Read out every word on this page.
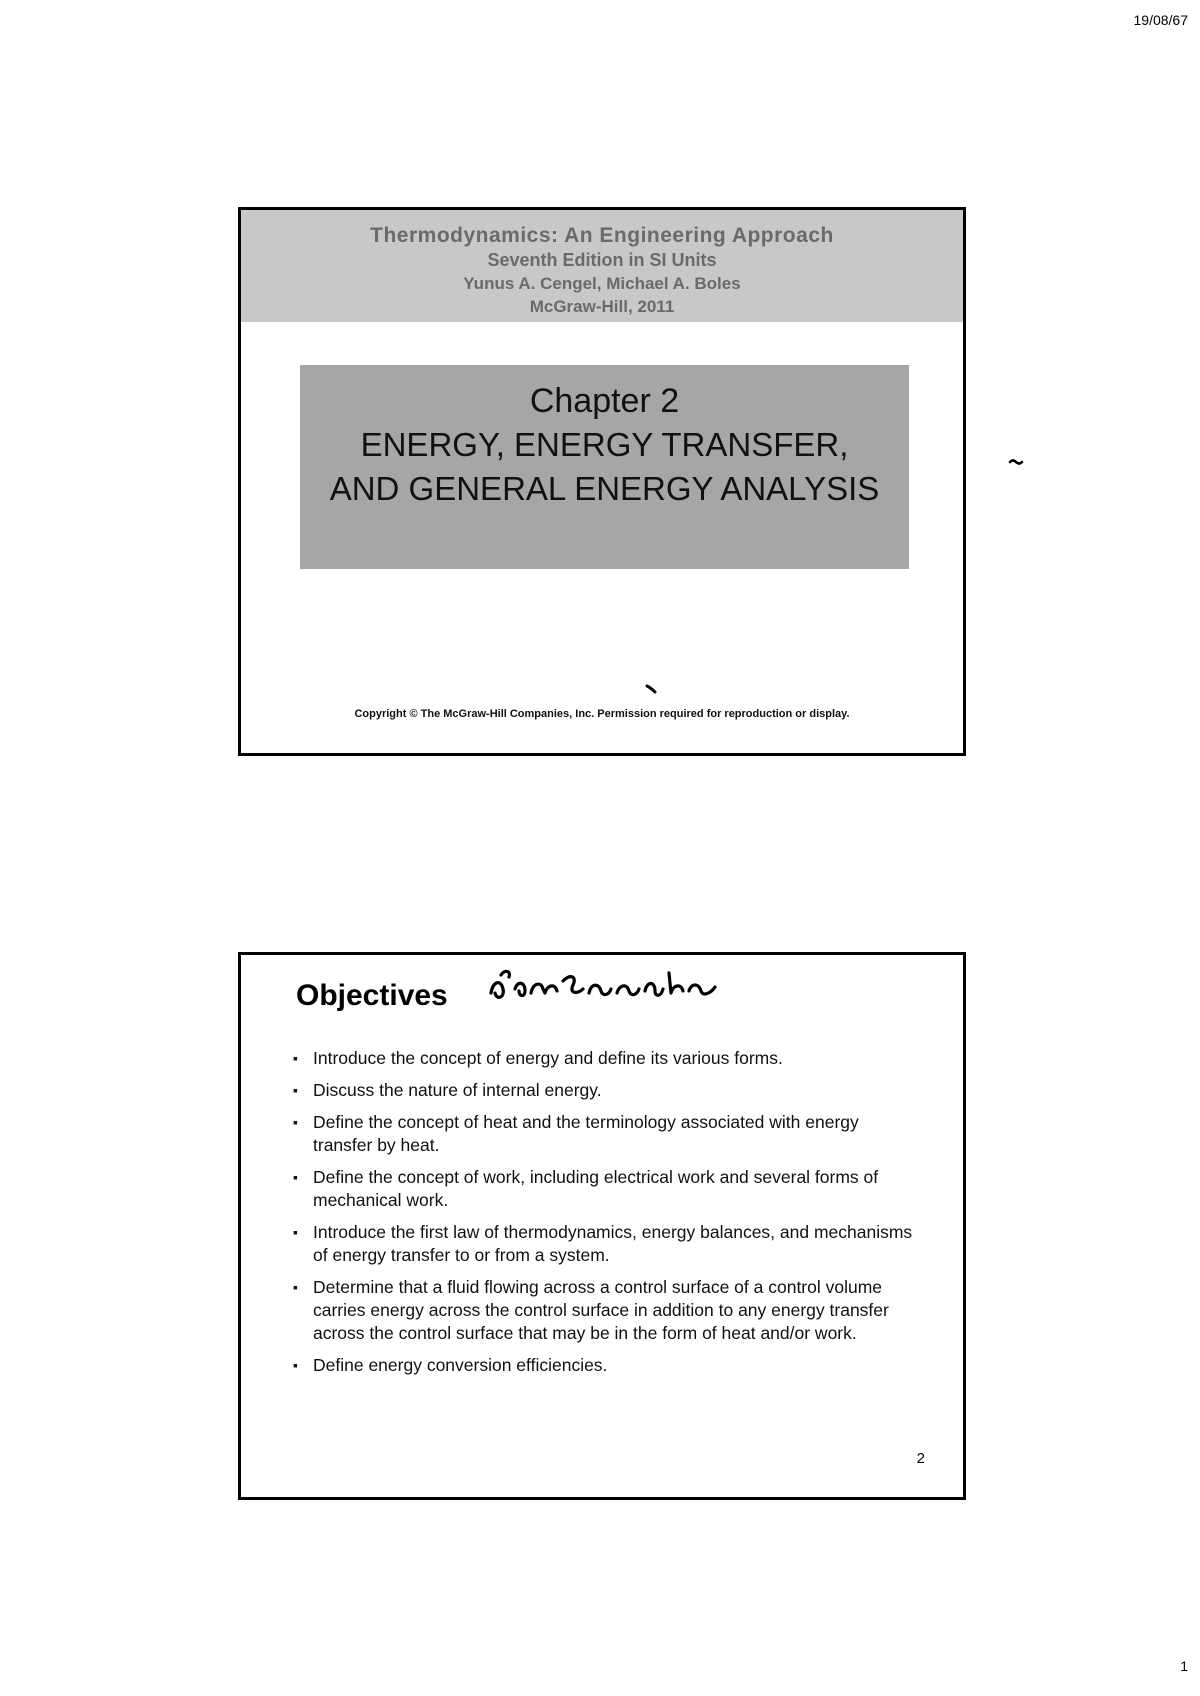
19/08/67
Thermodynamics: An Engineering Approach
Seventh Edition in SI Units
Yunus A. Cengel, Michael A. Boles
McGraw-Hill, 2011
Chapter 2
ENERGY, ENERGY TRANSFER, AND GENERAL ENERGY ANALYSIS
Copyright © The McGraw-Hill Companies, Inc. Permission required for reproduction or display.
Objectives
▪ Introduce the concept of energy and define its various forms.
▪ Discuss the nature of internal energy.
▪ Define the concept of heat and the terminology associated with energy transfer by heat.
▪ Define the concept of work, including electrical work and several forms of mechanical work.
▪ Introduce the first law of thermodynamics, energy balances, and mechanisms of energy transfer to or from a system.
▪ Determine that a fluid flowing across a control surface of a control volume carries energy across the control surface in addition to any energy transfer across the control surface that may be in the form of heat and/or work.
▪ Define energy conversion efficiencies.
2
1
